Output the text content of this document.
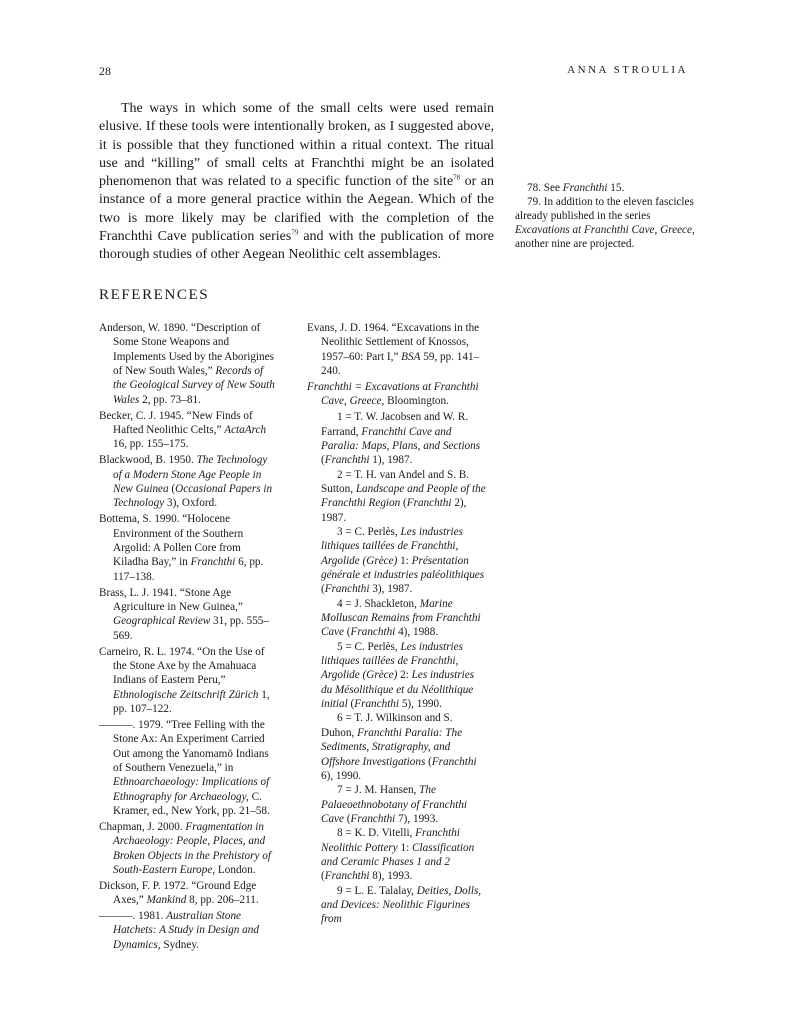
28	ANNA STROULIA

The ways in which some of the small celts were used remain elusive. If these tools were intentionally broken, as I suggested above, it is possible that they functioned within a ritual context. The ritual use and “killing” of small celts at Franchthi might be an isolated phenomenon that was related to a specific function of the site$^{78}$ or an instance of a more general practice within the Aegean. Which of the two is more likely may be clarified with the completion of the Franchthi Cave publication series$^{79}$ and with the publication of more thorough studies of other Aegean Neolithic celt assemblages.

78. See Franchthi 15.

79. In addition to the eleven fascicles already published in the series Excavations at Franchthi Cave, Greece, another nine are projected.

REFERENCES

Anderson, W. 1890. “Description of Some Stone Weapons and Implements Used by the Aborigines of New South Wales,” Records of the Geological Survey of New South Wales 2, pp. 73–81.

Becker, C. J. 1945. “New Finds of Hafted Neolithic Celts,” ActaArch 16, pp. 155–175.

Blackwood, B. 1950. The Technology of a Modern Stone Age People in New Guinea (Occasional Papers in Technology 3), Oxford.

Bottema, S. 1990. “Holocene Environment of the Southern Argolid: A Pollen Core from Kiladha Bay,” in Franchthi 6, pp. 117–138.

Brass, L. J. 1941. “Stone Age Agriculture in New Guinea,” Geographical Review 31, pp. 555–569.

Carneiro, R. L. 1974. “On the Use of the Stone Axe by the Amahuaca Indians of Eastern Peru,” Ethnologische Zeitschrift Zürich 1, pp. 107–122.

———. 1979. “Tree Felling with the Stone Ax: An Experiment Carried Out among the Yanomamö Indians of Southern Venezuela,” in Ethnoarchaeology: Implications of Ethnography for Archaeology, C. Kramer, ed., New York, pp. 21–58.

Chapman, J. 2000. Fragmentation in Archaeology: People, Places, and Broken Objects in the Prehistory of South-Eastern Europe, London.

Dickson, F. P. 1972. “Ground Edge Axes,” Mankind 8, pp. 206–211.

———. 1981. Australian Stone Hatchets: A Study in Design and Dynamics, Sydney.

Evans, J. D. 1964. “Excavations in the Neolithic Settlement of Knossos, 1957–60: Part I,” BSA 59, pp. 141–240.

Franchthi = Excavations at Franchthi Cave, Greece, Bloomington.

1 = T. W. Jacobsen and W. R. Farrand, Franchthi Cave and Paralia: Maps, Plans, and Sections (Franchthi 1), 1987.

2 = T. H. van Andel and S. B. Sutton, Landscape and People of the Franchthi Region (Franchthi 2), 1987.

3 = C. Perlès, Les industries lithiques taillées de Franchthi, Argolide (Grèce) 1: Présentation générale et industries paléolithiques (Franchthi 3), 1987.

4 = J. Shackleton, Marine Molluscan Remains from Franchthi Cave (Franchthi 4), 1988.

5 = C. Perlès, Les industries lithiques taillées de Franchthi, Argolide (Grèce) 2: Les industries du Mésolithique et du Néolithique initial (Franchthi 5), 1990.

6 = T. J. Wilkinson and S. Duhon, Franchthi Paralia: The Sediments, Stratigraphy, and Offshore Investigations (Franchthi 6), 1990.

7 = J. M. Hansen, The Palaeoethnobotany of Franchthi Cave (Franchthi 7), 1993.

8 = K. D. Vitelli, Franchthi Neolithic Pottery 1: Classification and Ceramic Phases 1 and 2 (Franchthi 8), 1993.

9 = L. E. Talalay, Deities, Dolls, and Devices: Neolithic Figurines from
